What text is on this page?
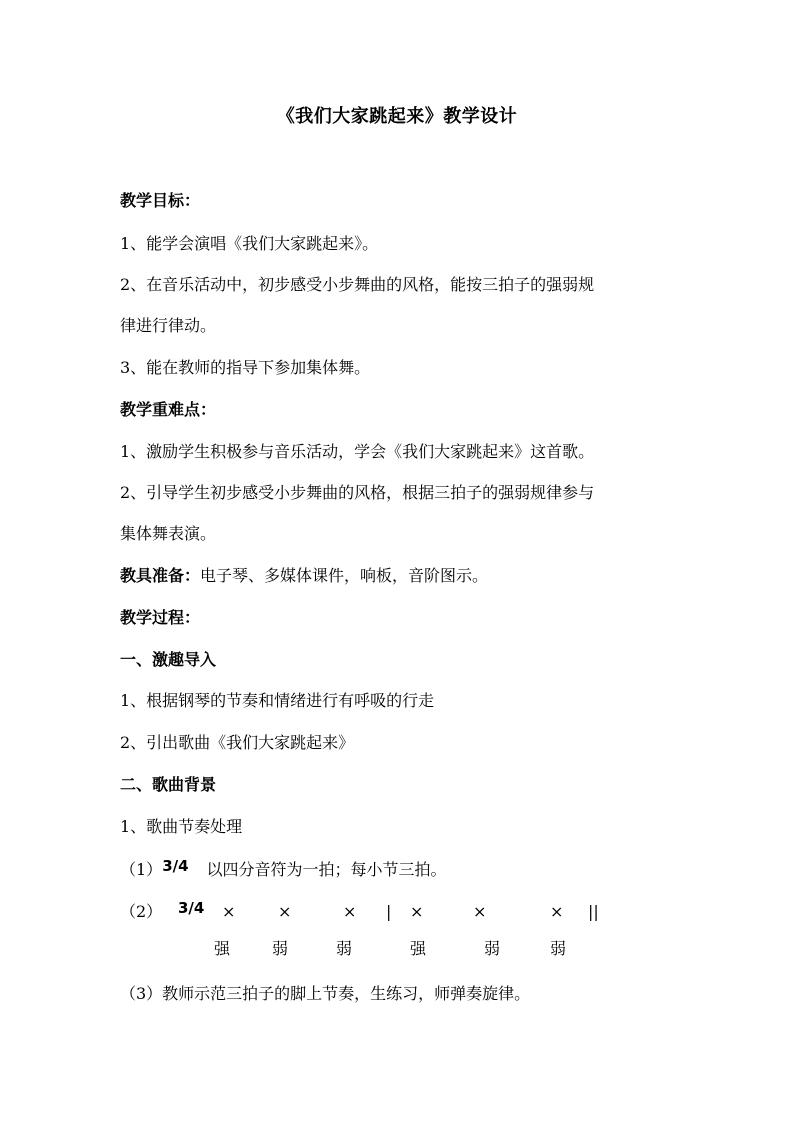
《我们大家跳起来》教学设计
教学目标：
1、能学会演唱《我们大家跳起来》。
2、在音乐活动中，初步感受小步舞曲的风格，能按三拍子的强弱规
律进行律动。
3、能在教师的指导下参加集体舞。
教学重难点：
1、激励学生积极参与音乐活动，学会《我们大家跳起来》这首歌。
2、引导学生初步感受小步舞曲的风格，根据三拍子的强弱规律参与
集体舞表演。
教具准备：电子琴、多媒体课件，响板，音阶图示。
教学过程：
一、激趣导入
1、根据钢琴的节奏和情绪进行有呼吸的行走
2、引出歌曲《我们大家跳起来》
二、歌曲背景
1、歌曲节奏处理
（1）3/4 以四分音符为一拍；每小节三拍。
（2） 3/4 ×	×	× | ×	×	× ||
强	弱	弱	强	弱	弱
（3）教师示范三拍子的脚上节奏，生练习，师弹奏旋律。
